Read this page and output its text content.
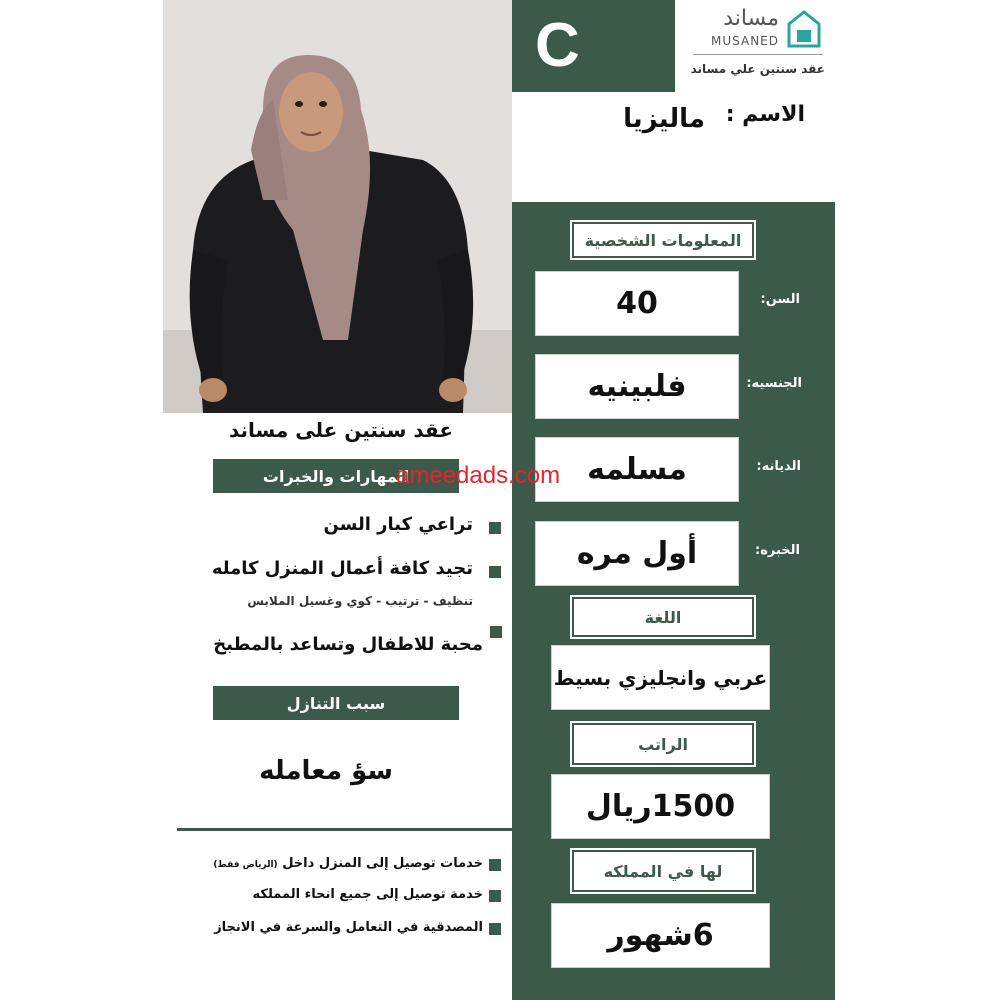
C	مساند
MUSANED
عقد سنتين علي مساند
الاسم :
ماليزيا
المعلومات الشخصية
40	السن:
فلبينيه	الجنسيه:
مسلمه	الديانه:
أول مره	الخبره:
اللغة
عربي وانجليزي بسيط
الراتب
1500ريال
لها في المملكه
6شهور
عقد سنتين على مساند
المهارات والخبرات
تراعي كبار السن
تجيد كافة أعمال المنزل كامله
تنظيف - ترتيب - كوي وغسيل الملابس
محبة للاطفال وتساعد بالمطبخ
سبب التنازل
سؤ معامله
خدمات توصيل إلى المنزل داخل (الرياض فقط)
خدمة توصيل إلى جميع انحاء المملكه
المصدقية في التعامل والسرعة في الانجاز
ameedads.com
